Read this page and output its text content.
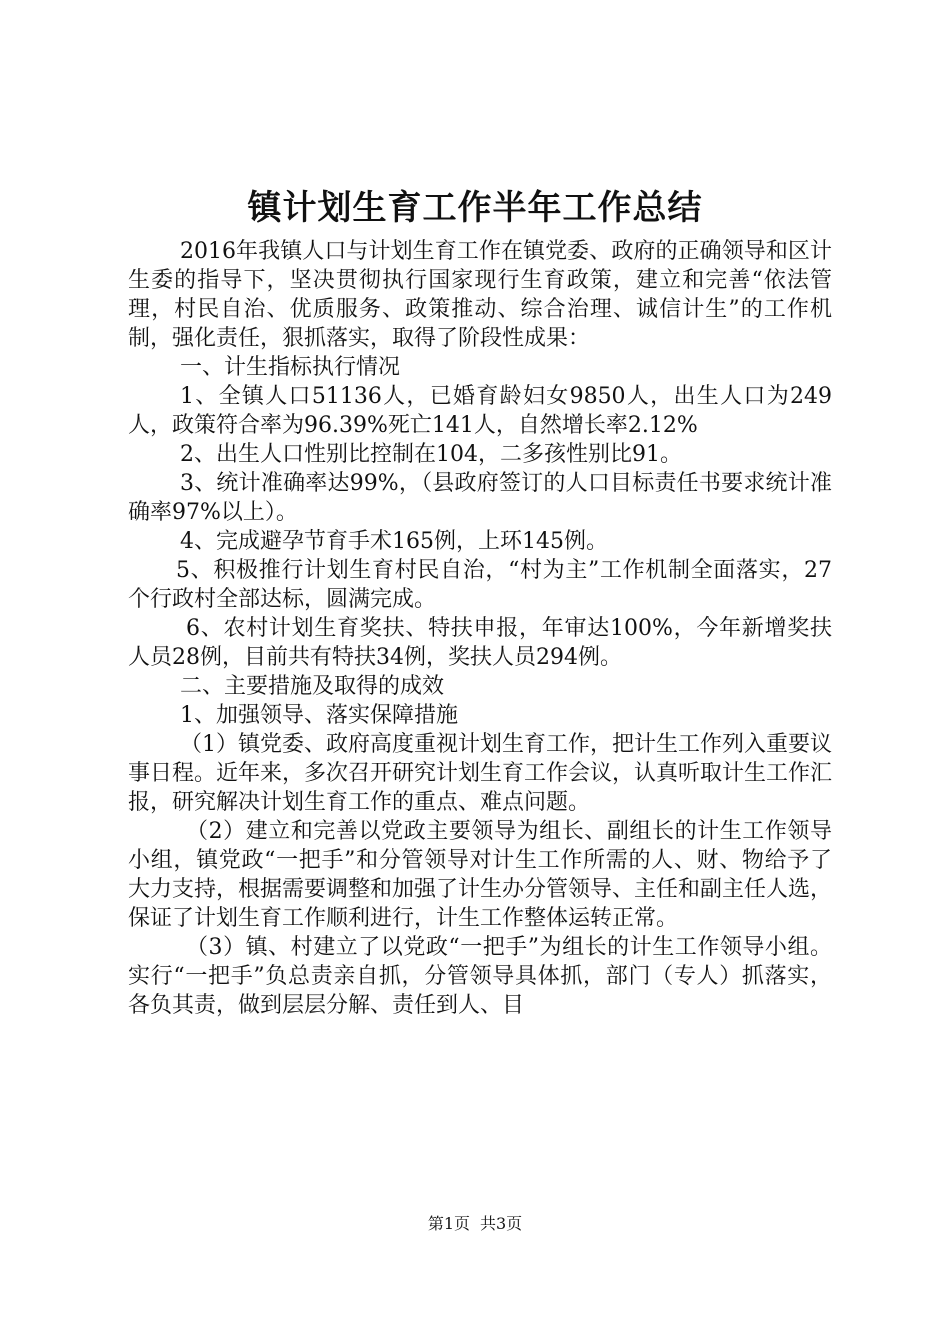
镇计划生育工作半年工作总结

2016年我镇人口与计划生育工作在镇党委、政府的正确领导和区计生委的指导下，坚决贯彻执行国家现行生育政策，建立和完善“依法管理，村民自治、优质服务、政策推动、综合治理、诚信计生”的工作机制，强化责任，狠抓落实，取得了阶段性成果：

一、计生指标执行情况

1、全镇人口51136人，已婚育龄妇女9850人，出生人口为249人，政策符合率为96.39%死亡141人，自然增长率2.12%

2、出生人口性别比控制在104，二多孩性别比91。

3、统计准确率达99%，（县政府签订的人口目标责任书要求统计准确率97%以上）。

4、完成避孕节育手术165例，上环145例。

5、积极推行计划生育村民自治，“村为主”工作机制全面落实，27个行政村全部达标，圆满完成。

6、农村计划生育奖扶、特扶申报，年审达100%，今年新增奖扶人员28例，目前共有特扶34例，奖扶人员294例。

二、主要措施及取得的成效

1、加强领导、落实保障措施

（1）镇党委、政府高度重视计划生育工作，把计生工作列入重要议事日程。近年来，多次召开研究计划生育工作会议，认真听取计生工作汇报，研究解决计划生育工作的重点、难点问题。

（2）建立和完善以党政主要领导为组长、副组长的计生工作领导小组，镇党政“一把手”和分管领导对计生工作所需的人、财、物给予了大力支持，根据需要调整和加强了计生办分管领导、主任和副主任人选，保证了计划生育工作顺利进行，计生工作整体运转正常。

（3）镇、村建立了以党政“一把手”为组长的计生工作领导小组。实行“一把手”负总责亲自抓，分管领导具体抓，部门（专人）抓落实，各负其责，做到层层分解、责任到人、目

第1页 共3页
